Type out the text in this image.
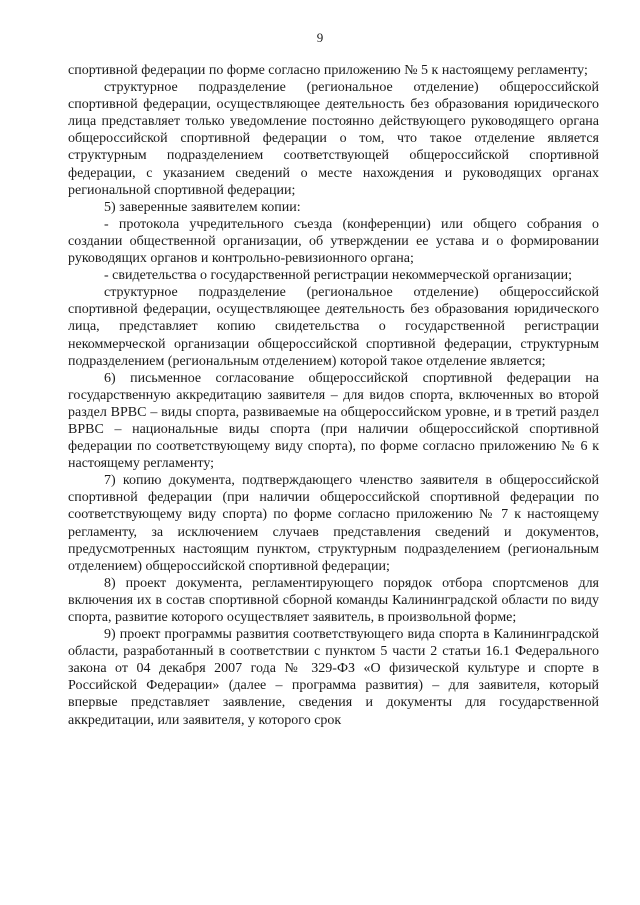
9

спортивной федерации по форме согласно приложению № 5 к настоящему регламенту;

структурное подразделение (региональное отделение) общероссийской спортивной федерации, осуществляющее деятельность без образования юридического лица представляет только уведомление постоянно действующего руководящего органа общероссийской спортивной федерации о том, что такое отделение является структурным подразделением соответствующей общероссийской спортивной федерации, с указанием сведений о месте нахождения и руководящих органах региональной спортивной федерации;

5) заверенные заявителем копии:

- протокола учредительного съезда (конференции) или общего собрания о создании общественной организации, об утверждении ее устава и о формировании руководящих органов и контрольно-ревизионного органа;

- свидетельства о государственной регистрации некоммерческой организации;

структурное подразделение (региональное отделение) общероссийской спортивной федерации, осуществляющее деятельность без образования юридического лица, представляет копию свидетельства о государственной регистрации некоммерческой организации общероссийской спортивной федерации, структурным подразделением (региональным отделением) которой такое отделение является;

6) письменное согласование общероссийской спортивной федерации на государственную аккредитацию заявителя – для видов спорта, включенных во второй раздел ВРВС – виды спорта, развиваемые на общероссийском уровне, и в третий раздел ВРВС – национальные виды спорта (при наличии общероссийской спортивной федерации по соответствующему виду спорта), по форме согласно приложению № 6 к настоящему регламенту;

7) копию документа, подтверждающего членство заявителя в общероссийской спортивной федерации (при наличии общероссийской спортивной федерации по соответствующему виду спорта) по форме согласно приложению № 7 к настоящему регламенту, за исключением случаев представления сведений и документов, предусмотренных настоящим пунктом, структурным подразделением (региональным отделением) общероссийской спортивной федерации;

8) проект документа, регламентирующего порядок отбора спортсменов для включения их в состав спортивной сборной команды Калининградской области по виду спорта, развитие которого осуществляет заявитель, в произвольной форме;

9) проект программы развития соответствующего вида спорта в Калининградской области, разработанный в соответствии с пунктом 5 части 2 статьи 16.1 Федерального закона от 04 декабря 2007 года № 329-ФЗ «О физической культуре и спорте в Российской Федерации» (далее – программа развития) – для заявителя, который впервые представляет заявление, сведения и документы для государственной аккредитации, или заявителя, у которого срок
